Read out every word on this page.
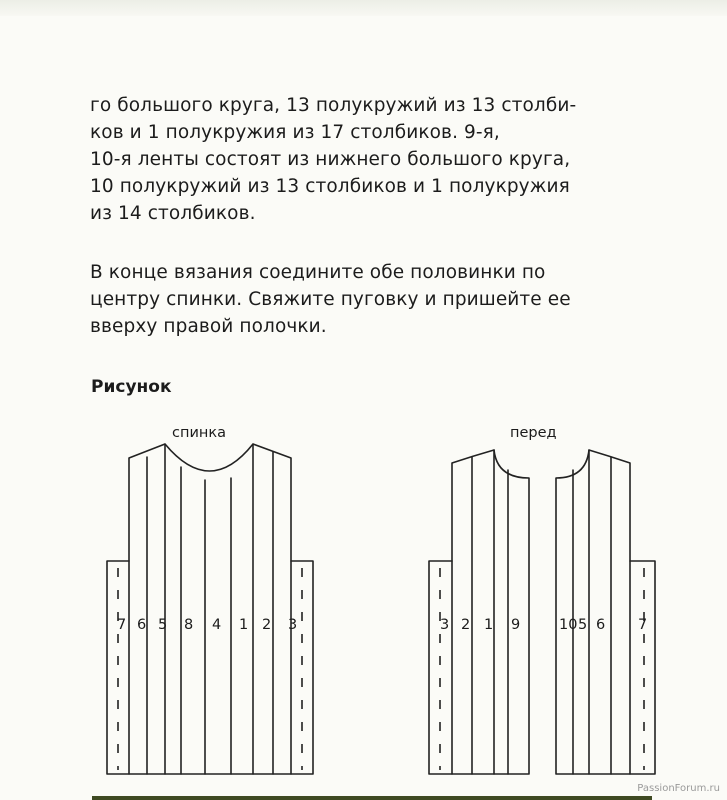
го большого круга, 13 полукружий из 13 столби-
ков и 1 полукружия из 17 столбиков. 9-я,
10-я ленты состоят из нижнего большого круга,
10 полукружий из 13 столбиков и 1 полукружия
из 14 столбиков.

В конце вязания соедините обе половинки по
центру спинки. Свяжите пуговку и пришейте ее
вверху правой полочки.

Рисунок
спинка	перед
7 6 5 8 4 1 2 3	3 2 1 9	10 5 6 7
PassionForum.ru
